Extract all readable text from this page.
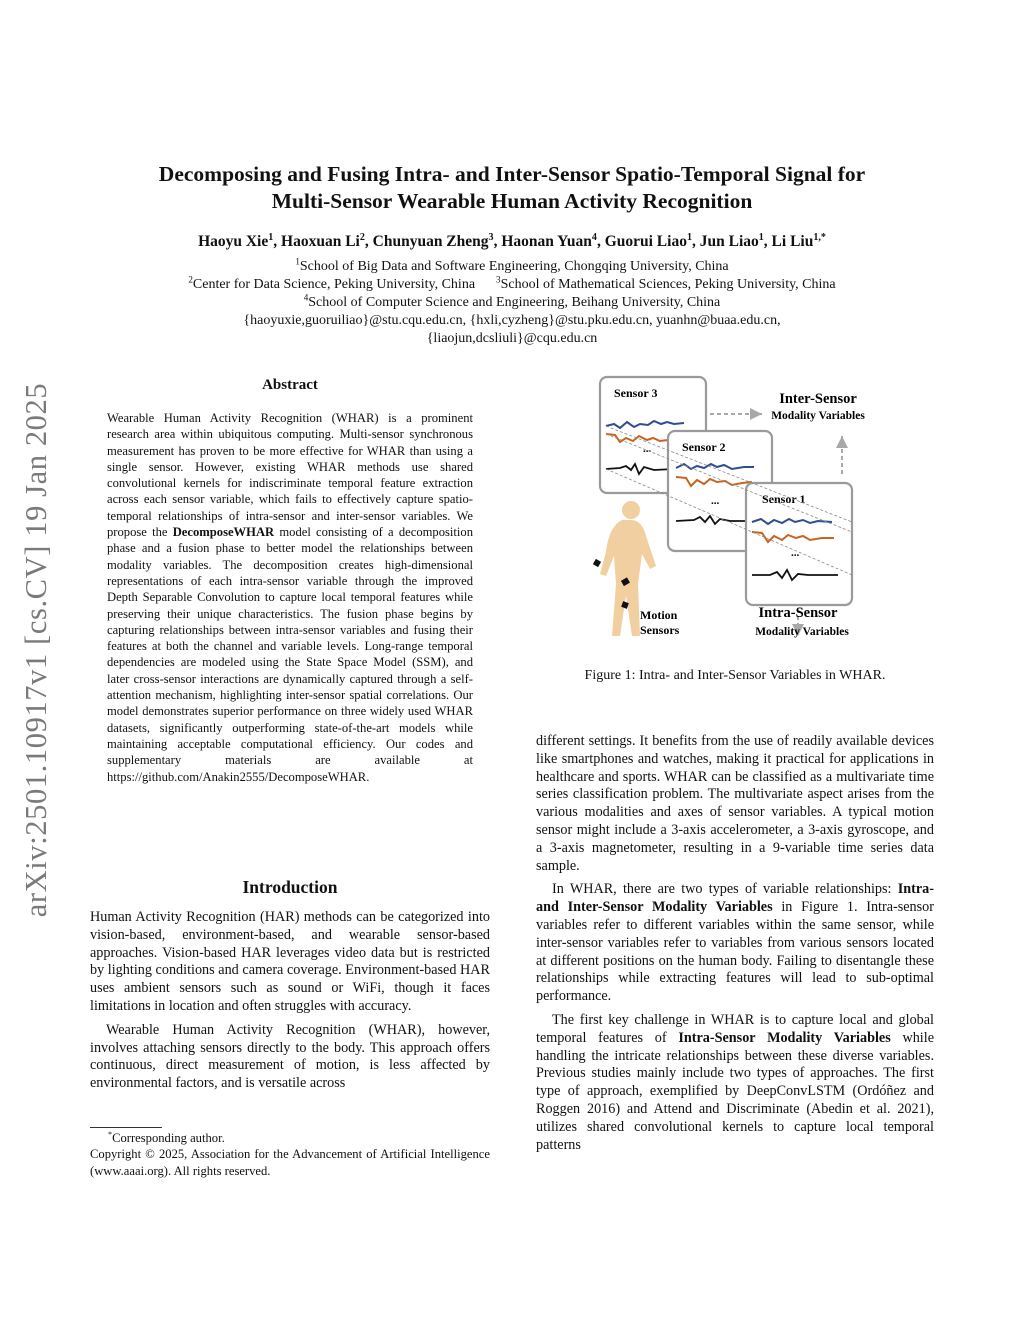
arXiv:2501.10917v1 [cs.CV] 19 Jan 2025
Decomposing and Fusing Intra- and Inter-Sensor Spatio-Temporal Signal for
Multi-Sensor Wearable Human Activity Recognition
Haoyu Xie$^1$, Haoxuan Li$^2$, Chunyuan Zheng$^3$, Haonan Yuan$^4$, Guorui Liao$^1$, Jun Liao$^1$, Li Liu$^{1,*}$
$^1$School of Big Data and Software Engineering, Chongqing University, China
$^2$Center for Data Science, Peking University, China $^3$School of Mathematical Sciences, Peking University, China
$^4$School of Computer Science and Engineering, Beihang University, China
{haoyuxie,guoruiliao}@stu.cqu.edu.cn, {hxli,cyzheng}@stu.pku.edu.cn, yuanhn@buaa.edu.cn,
{liaojun,dcsliuli}@cqu.edu.cn
Abstract
Wearable Human Activity Recognition (WHAR) is a prominent research area within ubiquitous computing. Multi-sensor synchronous measurement has proven to be more effective for WHAR than using a single sensor. However, existing WHAR methods use shared convolutional kernels for indiscriminate temporal feature extraction across each sensor variable, which fails to effectively capture spatio-temporal relationships of intra-sensor and inter-sensor variables. We propose the DecomposeWHAR model consisting of a decomposition phase and a fusion phase to better model the relationships between modality variables. The decomposition creates high-dimensional representations of each intra-sensor variable through the improved Depth Separable Convolution to capture local temporal features while preserving their unique characteristics. The fusion phase begins by capturing relationships between intra-sensor variables and fusing their features at both the channel and variable levels. Long-range temporal dependencies are modeled using the State Space Model (SSM), and later cross-sensor interactions are dynamically captured through a self-attention mechanism, highlighting inter-sensor spatial correlations. Our model demonstrates superior performance on three widely used WHAR datasets, significantly outperforming state-of-the-art models while maintaining acceptable computational efficiency. Our codes and supplementary materials are available at https://github.com/Anakin2555/DecomposeWHAR.
Introduction

Human Activity Recognition (HAR) methods can be categorized into vision-based, environment-based, and wearable sensor-based approaches. Vision-based HAR leverages video data but is restricted by lighting conditions and camera coverage. Environment-based HAR uses ambient sensors such as sound or WiFi, though it faces limitations in location and often struggles with accuracy.

Wearable Human Activity Recognition (WHAR), however, involves attaching sensors directly to the body. This approach offers continuous, direct measurement of motion, is less affected by environmental factors, and is versatile across

*Corresponding author.
Copyright © 2025, Association for the Advancement of Artificial Intelligence (www.aaai.org). All rights reserved.
Sensor 3
...	Sensor 2
...	Sensor 1
...
Inter-Sensor
Modality Variables
Intra-Sensor
Modality Variables
Motion
Sensors
Figure 1: Intra- and Inter-Sensor Variables in WHAR.

different settings. It benefits from the use of readily available devices like smartphones and watches, making it practical for applications in healthcare and sports. WHAR can be classified as a multivariate time series classification problem. The multivariate aspect arises from the various modalities and axes of sensor variables. A typical motion sensor might include a 3-axis accelerometer, a 3-axis gyroscope, and a 3-axis magnetometer, resulting in a 9-variable time series data sample.

In WHAR, there are two types of variable relationships: Intra- and Inter-Sensor Modality Variables in Figure 1. Intra-sensor variables refer to different variables within the same sensor, while inter-sensor variables refer to variables from various sensors located at different positions on the human body. Failing to disentangle these relationships while extracting features will lead to sub-optimal performance.

The first key challenge in WHAR is to capture local and global temporal features of Intra-Sensor Modality Variables while handling the intricate relationships between these diverse variables. Previous studies mainly include two types of approaches. The first type of approach, exemplified by DeepConvLSTM (Ordóñez and Roggen 2016) and Attend and Discriminate (Abedin et al. 2021), utilizes shared convolutional kernels to capture local temporal patterns
